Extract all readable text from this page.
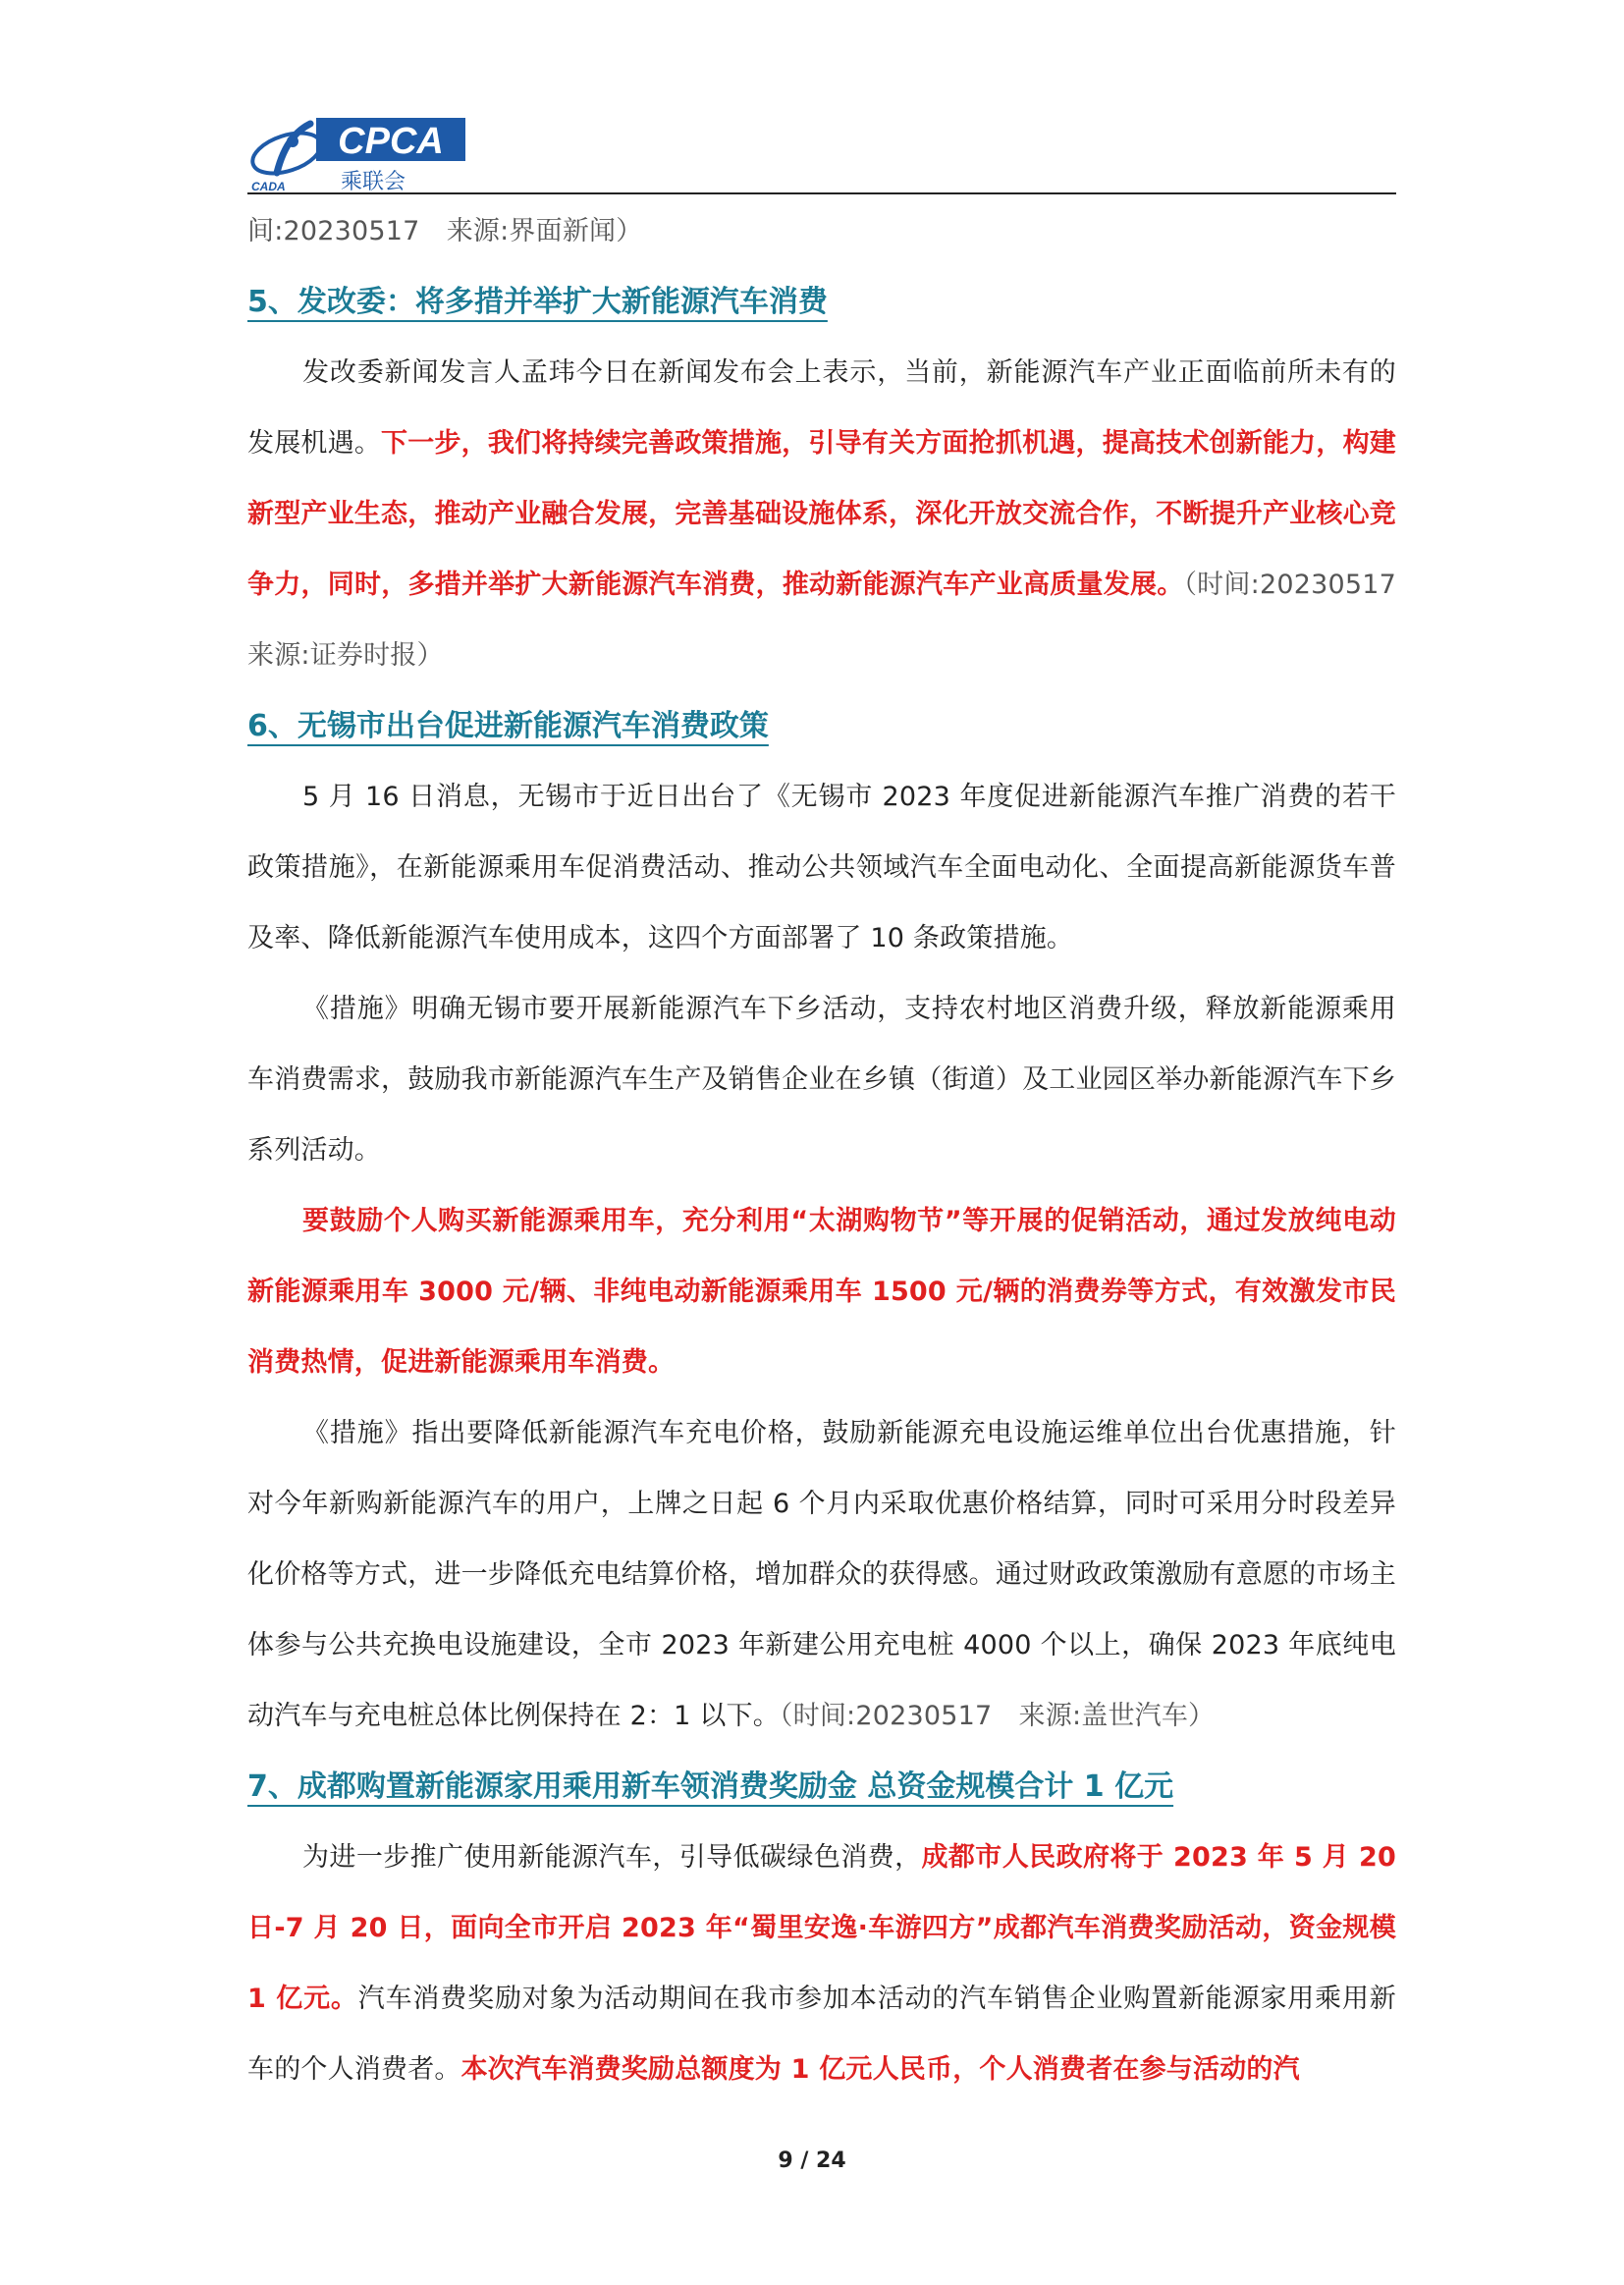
CADA
CPCA
乘联会

间:20230517　来源:界面新闻）

5、发改委：将多措并举扩大新能源汽车消费

发改委新闻发言人孟玮今日在新闻发布会上表示，当前，新能源汽车产业正面临前所未有的发展机遇。下一步，我们将持续完善政策措施，引导有关方面抢抓机遇，提高技术创新能力，构建新型产业生态，推动产业融合发展，完善基础设施体系，深化开放交流合作，不断提升产业核心竞争力，同时，多措并举扩大新能源汽车消费，推动新能源汽车产业高质量发展。（时间:20230517　来源:证券时报）

6、无锡市出台促进新能源汽车消费政策

5 月 16 日消息，无锡市于近日出台了《无锡市 2023 年度促进新能源汽车推广消费的若干政策措施》，在新能源乘用车促消费活动、推动公共领域汽车全面电动化、全面提高新能源货车普及率、降低新能源汽车使用成本，这四个方面部署了 10 条政策措施。

《措施》明确无锡市要开展新能源汽车下乡活动，支持农村地区消费升级，释放新能源乘用车消费需求，鼓励我市新能源汽车生产及销售企业在乡镇（街道）及工业园区举办新能源汽车下乡系列活动。

要鼓励个人购买新能源乘用车，充分利用“太湖购物节”等开展的促销活动，通过发放纯电动新能源乘用车 3000 元/辆、非纯电动新能源乘用车 1500 元/辆的消费券等方式，有效激发市民消费热情，促进新能源乘用车消费。

《措施》指出要降低新能源汽车充电价格，鼓励新能源充电设施运维单位出台优惠措施，针对今年新购新能源汽车的用户，上牌之日起 6 个月内采取优惠价格结算，同时可采用分时段差异化价格等方式，进一步降低充电结算价格，增加群众的获得感。通过财政政策激励有意愿的市场主体参与公共充换电设施建设，全市 2023 年新建公用充电桩 4000 个以上，确保 2023 年底纯电动汽车与充电桩总体比例保持在 2：1 以下。（时间:20230517　来源:盖世汽车）

7、成都购置新能源家用乘用新车领消费奖励金 总资金规模合计 1 亿元

为进一步推广使用新能源汽车，引导低碳绿色消费，成都市人民政府将于 2023 年 5 月 20 日-7 月 20 日，面向全市开启 2023 年“蜀里安逸·车游四方”成都汽车消费奖励活动，资金规模 1 亿元。汽车消费奖励对象为活动期间在我市参加本活动的汽车销售企业购置新能源家用乘用新车的个人消费者。本次汽车消费奖励总额度为 1 亿元人民币，个人消费者在参与活动的汽

9 / 24
